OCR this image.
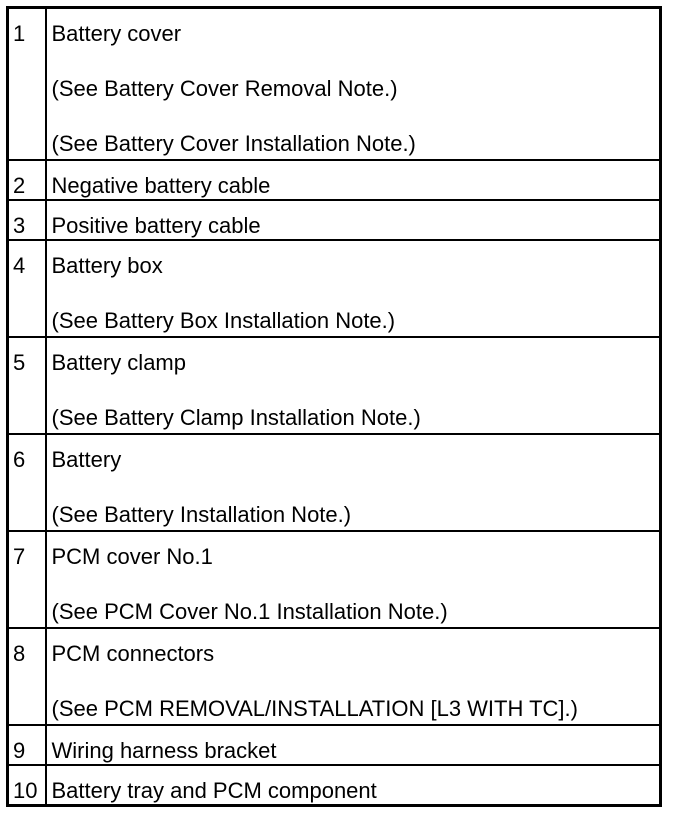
1	Battery cover
(See Battery Cover Removal Note.)
(See Battery Cover Installation Note.)

2	Negative battery cable

3	Positive battery cable

4	Battery box
(See Battery Box Installation Note.)

5	Battery clamp
(See Battery Clamp Installation Note.)

6	Battery
(See Battery Installation Note.)

7	PCM cover No.1
(See PCM Cover No.1 Installation Note.)

8	PCM connectors
(See PCM REMOVAL/INSTALLATION [L3 WITH TC].)

9	Wiring harness bracket

10	Battery tray and PCM component
